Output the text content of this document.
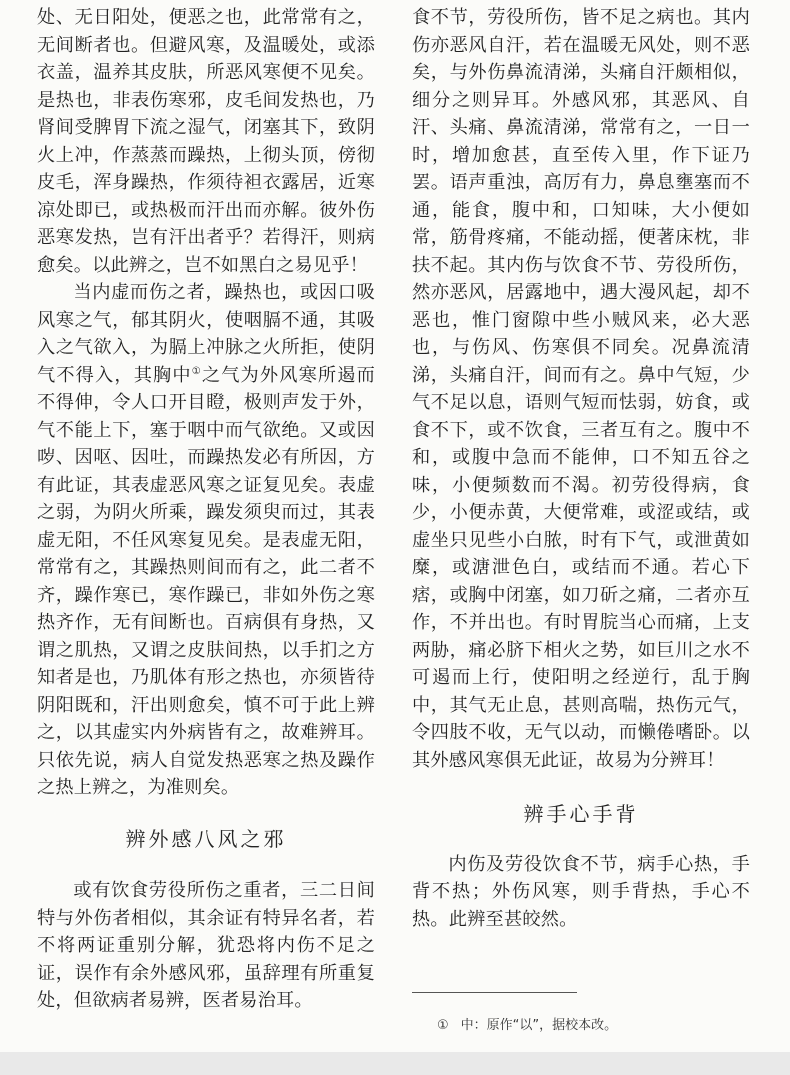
处、无日阳处，便恶之也，此常常有之，无间断者也。但避风寒，及温暖处，或添衣盖，温养其皮肤，所恶风寒便不见矣。是热也，非表伤寒邪，皮毛间发热也，乃肾间受脾胃下流之湿气，闭塞其下，致阴火上冲，作蒸蒸而躁热，上彻头顶，傍彻皮毛，浑身躁热，作须待袒衣露居，近寒凉处即已，或热极而汗出而亦解。彼外伤恶寒发热，岂有汗出者乎？若得汗，则病愈矣。以此辨之，岂不如黑白之易见乎！

当内虚而伤之者，躁热也，或因口吸风寒之气，郁其阴火，使咽膈不通，其吸入之气欲入，为膈上冲脉之火所拒，使阴气不得入，其胸中①之气为外风寒所遏而不得伸，令人口开目瞪，极则声发于外，气不能上下，塞于咽中而气欲绝。又或因哕、因呕、因吐，而躁热发必有所因，方有此证，其表虚恶风寒之证复见矣。表虚之弱，为阴火所乘，躁发须臾而过，其表虚无阳，不任风寒复见矣。是表虚无阳，常常有之，其躁热则间而有之，此二者不齐，躁作寒已，寒作躁已，非如外伤之寒热齐作，无有间断也。百病俱有身热，又谓之肌热，又谓之皮肤间热，以手扪之方知者是也，乃肌体有形之热也，亦须皆待阴阳既和，汗出则愈矣，慎不可于此上辨之，以其虚实内外病皆有之，故难辨耳。只依先说，病人自觉发热恶寒之热及躁作之热上辨之，为准则矣。

辨外感八风之邪

或有饮食劳役所伤之重者，三二日间特与外伤者相似，其余证有特异名者，若不将两证重别分解，犹恐将内伤不足之证，误作有余外感风邪，虽辞理有所重复处，但欲病者易辨，医者易治耳。

食不节，劳役所伤，皆不足之病也。其内伤亦恶风自汗，若在温暖无风处，则不恶矣，与外伤鼻流清涕，头痛自汗颇相似，细分之则异耳。外感风邪，其恶风、自汗、头痛、鼻流清涕，常常有之，一日一时，增加愈甚，直至传入里，作下证乃罢。语声重浊，高厉有力，鼻息壅塞而不通，能食，腹中和，口知味，大小便如常，筋骨疼痛，不能动摇，便著床枕，非扶不起。其内伤与饮食不节、劳役所伤，然亦恶风，居露地中，遇大漫风起，却不恶也，惟门窗隙中些小贼风来，必大恶也，与伤风、伤寒俱不同矣。况鼻流清涕，头痛自汗，间而有之。鼻中气短，少气不足以息，语则气短而怯弱，妨食，或食不下，或不饮食，三者互有之。腹中不和，或腹中急而不能伸，口不知五谷之味，小便频数而不渴。初劳役得病，食少，小便赤黄，大便常难，或涩或结，或虚坐只见些小白脓，时有下气，或泄黄如糜，或溏泄色白，或结而不通。若心下痞，或胸中闭塞，如刀斫之痛，二者亦互作，不并出也。有时胃脘当心而痛，上支两胁，痛必脐下相火之势，如巨川之水不可遏而上行，使阳明之经逆行，乱于胸中，其气无止息，甚则高喘，热伤元气，令四肢不收，无气以动，而懒倦嗜卧。以其外感风寒俱无此证，故易为分辨耳！

辨手心手背

内伤及劳役饮食不节，病手心热，手背不热；外伤风寒，则手背热，手心不热。此辨至甚皎然。

① 中：原作“以”，据校本改。
